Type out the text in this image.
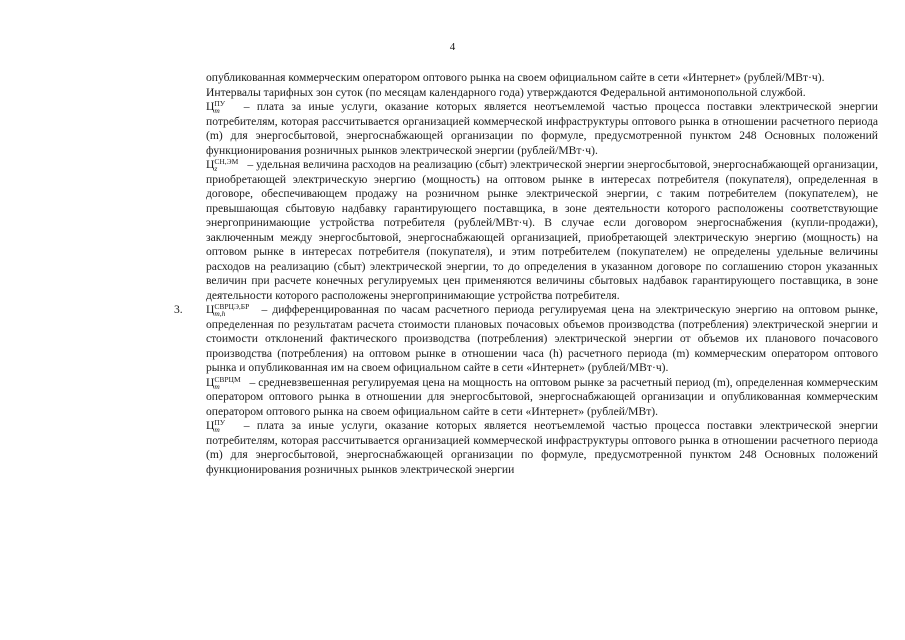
4

опубликованная коммерческим оператором оптового рынка на своем официальном сайте в сети «Интернет» (рублей/МВт·ч).

Интервалы тарифных зон суток (по месяцам календарного года) утверждаются Федеральной антимонопольной службой.

Ц ПУ
m	– плата за иные услуги, оказание которых является неотъемлемой частью процесса поставки электрической энергии потребителям, которая рассчитывается организацией коммерческой инфраструктуры оптового рынка в отношении расчетного периода (m) для энергосбытовой, энергоснабжающей организации по формуле, предусмотренной пунктом 248 Основных положений функционирования розничных рынков электрической энергии (рублей/МВт·ч).

Ц СН,ЭМ
z	– удельная величина расходов на реализацию (сбыт) электрической энергии энергосбытовой, энергоснабжающей организации, приобретающей электрическую энергию (мощность) на оптовом рынке в интересах потребителя (покупателя), определенная в договоре, обеспечивающем продажу на розничном рынке электрической энергии, с таким потребителем (покупателем), не превышающая сбытовую надбавку гарантирующего поставщика, в зоне деятельности которого расположены соответствующие энергопринимающие устройства потребителя (рублей/МВт·ч). В случае если договором энергоснабжения (купли-продажи), заключенным между энергосбытовой, энергоснабжающей организацией, приобретающей электрическую энергию (мощность) на оптовом рынке в интересах потребителя (покупателя), и этим потребителем (покупателем) не определены удельные величины расходов на реализацию (сбыт) электрической энергии, то до определения в указанном договоре по соглашению сторон указанных величин при расчете конечных регулируемых цен применяются величины сбытовых надбавок гарантирующего поставщика, в зоне деятельности которого расположены энергопринимающие устройства потребителя.

3. Ц СВРЦЭ,БР
m,h	– дифференцированная по часам расчетного периода регулируемая цена на электрическую энергию на оптовом рынке, определенная по результатам расчета стоимости плановых почасовых объемов производства (потребления) электрической энергии и стоимости отклонений фактического производства (потребления) электрической энергии от объемов их планового почасового производства (потребления) на оптовом рынке в отношении часа (h) расчетного периода (m) коммерческим оператором оптового рынка и опубликованная им на своем официальном сайте в сети «Интернет» (рублей/МВт·ч).

Ц СВРЦМ
m	– средневзвешенная регулируемая цена на мощность на оптовом рынке за расчетный период (m), определенная коммерческим оператором оптового рынка в отношении для энергосбытовой, энергоснабжающей организации и опубликованная коммерческим оператором оптового рынка на своем официальном сайте в сети «Интернет» (рублей/МВт).

Ц ПУ
m	– плата за иные услуги, оказание которых является неотъемлемой частью процесса поставки электрической энергии потребителям, которая рассчитывается организацией коммерческой инфраструктуры оптового рынка в отношении расчетного периода (m) для энергосбытовой, энергоснабжающей организации по формуле, предусмотренной пунктом 248 Основных положений функционирования розничных рынков электрической энергии
